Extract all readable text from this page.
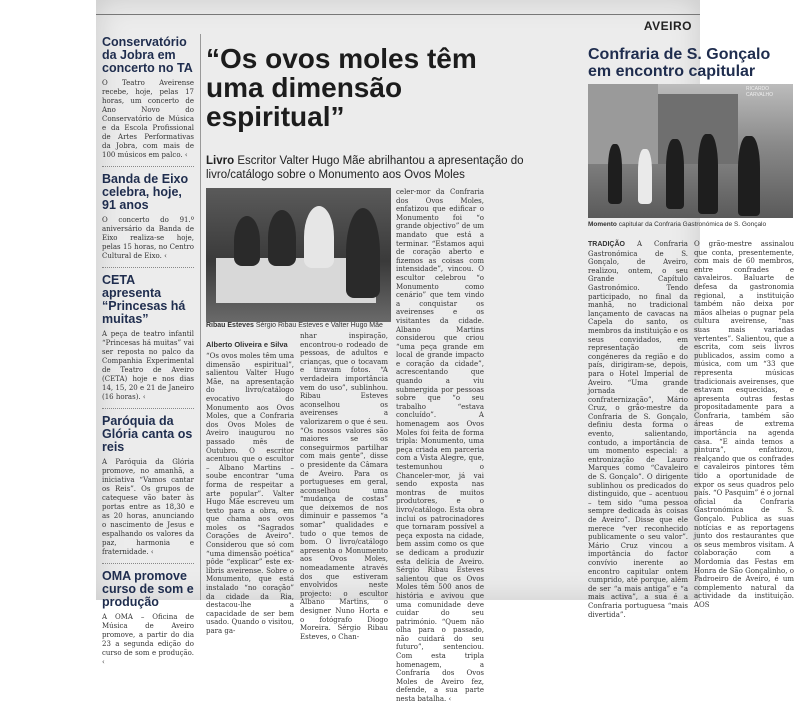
AVEIRO
Conservatório da Jobra em concerto no TA
O Teatro Aveirense recebe, hoje, pelas 17 horas, um concerto de Ano Novo do Conservatório de Música e da Escola Profissional de Artes Performativas da Jobra, com mais de 100 músicos em palco. ‹
Banda de Eixo celebra, hoje, 91 anos
O concerto do 91.º aniversário da Banda de Eixo realiza-se hoje, pelas 15 horas, no Centro Cultural de Eixo. ‹
CETA apresenta “Princesas há muitas”
A peça de teatro infantil “Princesas há muitas” vai ser reposta no palco da Companhia Experimental de Teatro de Aveiro (CETA) hoje e nos dias 14, 15, 20 e 21 de Janeiro (16 horas). ‹
Paróquia da Glória canta os reis
A Paróquia da Glória promove, no amanhã, a iniciativa “Vamos cantar os Reis”. Os grupos de catequese vão bater às portas entre as 18,30 e as 20 horas, anunciando o nascimento de Jesus e espalhando os valores da paz, harmonia e fraternidade. ‹
OMA promove curso de som e produção
A OMA – Oficina de Música de Aveiro promove, a partir do dia 23 a segunda edição do curso de som e produção. ‹
“Os ovos moles têm uma dimensão espiritual”
Livro Escritor Valter Hugo Mãe abrilhantou a apresentação do livro/catálogo sobre o Monumento aos Ovos Moles
Ribau Esteves Sérgio Ribau Esteves e Valter Hugo Mãe
Alberto Oliveira e Silva
“Os ovos moles têm uma dimensão espiritual”, salientou Valter Hugo Mãe, na apresentação do livro/catálogo evocativo do Monumento aos Ovos Moles, que a Confraria dos Ovos Moles de Aveiro inaugurou no passado mês de Outubro. O escritor acentuou que o escultor – Albano Martins – soube encontrar “uma forma de respeitar a arte popular”. Valter Hugo Mãe escreveu um texto para a obra, em que chama aos ovos moles os “Sagrados Corações de Aveiro”. Considerou que só com “uma dimensão poética” pôde “explicar” este ex-líbris aveirense. Sobre o Monumento, que está instalado “no coração” da cidade da Ria, destacou-lhe a capacidade de ser bem usado. Quando o visitou, para ga-
nhar inspiração, encontrou-o rodeado de pessoas, de adultos e crianças, que o tocavam e tiravam fotos. “A verdadeira importância vem do uso”, sublinhou. Ribau Esteves aconselhou os aveirenses a valorizarem o que é seu. “Os nossos valores são maiores se os conseguirmos partilhar com mais gente”, disse o presidente da Câmara de Aveiro. Para os portugueses em geral, aconselhou uma “mudança de costas” que deixemos de nos diminuir e passemos “a somar” qualidades e tudo o que temos de bom. O livro/catálogo apresenta o Monumento aos Ovos Moles, nomeadamente através dos que estiveram envolvidos neste projecto: o escultor Albano Martins, o designer Nuno Horta e o fotógrafo Diogo Moreira. Sérgio Ribau Esteves, o Chan-
celer-mor da Confraria dos Ovos Moles, enfatizou que edificar o Monumento foi “o grande objectivo” de um mandato que está a terminar. “Estamos aqui de coração aberto e fizemos as coisas com intensidade”, vincou. O escultor celebrou “o Monumento como cenário” que tem vindo a conquistar os aveirenses e os visitantes da cidade. Albano Martins considerou que criou “uma peça grande em local de grande impacto e coração da cidade”, acrescentando que quando a viu submergida por pessoas sobre que “o seu trabalho “estava concluído”. A homenagem aos Ovos Moles foi feita de forma tripla: Monumento, uma peça criada em parceria com a Vista Alegre, que, testemunhou o Chanceler-mor, já vai sendo exposta nas montras de muitos produtores, e o livro/catálogo. Esta obra inclui os patrocinadores que tornaram possível a peça exposta na cidade, bem assim como os que se dedicam a produzir esta delícia de Aveiro. Sérgio Ribau Esteves salientou que os Ovos Moles têm 500 anos de história e avivou que uma comunidade deve cuidar do seu património. “Quem não olha para o passado, não cuidará do seu futuro”, sentenciou. Com esta tripla homenagem, a Confraria dos Ovos Moles de Aveiro fez, defende, a sua parte nesta batalha. ‹
Confraria de S. Gonçalo em encontro capitular
RICARDO CARVALHO
Momento capitular da Confraria Gastronómica de S. Gonçalo
TRADIÇÃO A Confraria Gastronómica de S. Gonçalo, de Aveiro, realizou, ontem, o seu Grande Capítulo Gastronómico. Tendo participado, no final da manhã, no tradicional lançamento de cavacas na Capela do santo, os membros da instituição e os seus convidados, em representação de congéneres da região e do país, dirigiram-se, depois, para o Hotel Imperial de Aveiro. “Uma grande jornada de confraternização”, Mário Cruz, o grão-mestre da Confraria de S. Gonçalo, definiu desta forma o evento, salientando, contudo, a importância de um momento especial: a entronização de Lauro Marques como “Cavaleiro de S. Gonçalo”. O dirigente sublinhou os predicados do distinguido, que – acentuou – tem sido “uma pessoa sempre dedicada às coisas de Aveiro”. Disse que ele merece “ver reconhecido publicamente o seu valor”. Mário Cruz vincou a importância do factor convívio inerente ao encontro capitular ontem cumprido, até porque, além de ser “a mais antiga” e “a mais activa”, a sua é a Confraria portuguesa “mais divertida”.
O grão-mestre assinalou que conta, presentemente, com mais de 60 membros, entre confrades e cavaleiros. Baluarte de defesa da gastronomia regional, a instituição também não deixa por mãos alheias o pugnar pela cultura aveirense, “nas suas mais variadas vertentes”. Salientou, que a escrita, com seis livros publicados, assim como a música, com um “33 que representa músicas tradicionais aveirenses, que estavam esquecidas, e apresenta outras festas propositadamente para a Confraria, também são áreas de extrema importância na agenda casa. “E ainda temos a pintura”, enfatizou, realçando que os confrades e cavaleiros pintores têm tido a oportunidade de expor os seus quadros pelo país. “O Pasquim” é o jornal oficial da Confraria Gastronómica de S. Gonçalo. Publica as suas notícias e as reportagens junto dos restaurantes que os seus membros visitam. A colaboração com a Mordomia das Festas em Honra de São Gonçalinho, o Padroeiro de Aveiro, é um complemento natural da actividade da instituição. AOS
